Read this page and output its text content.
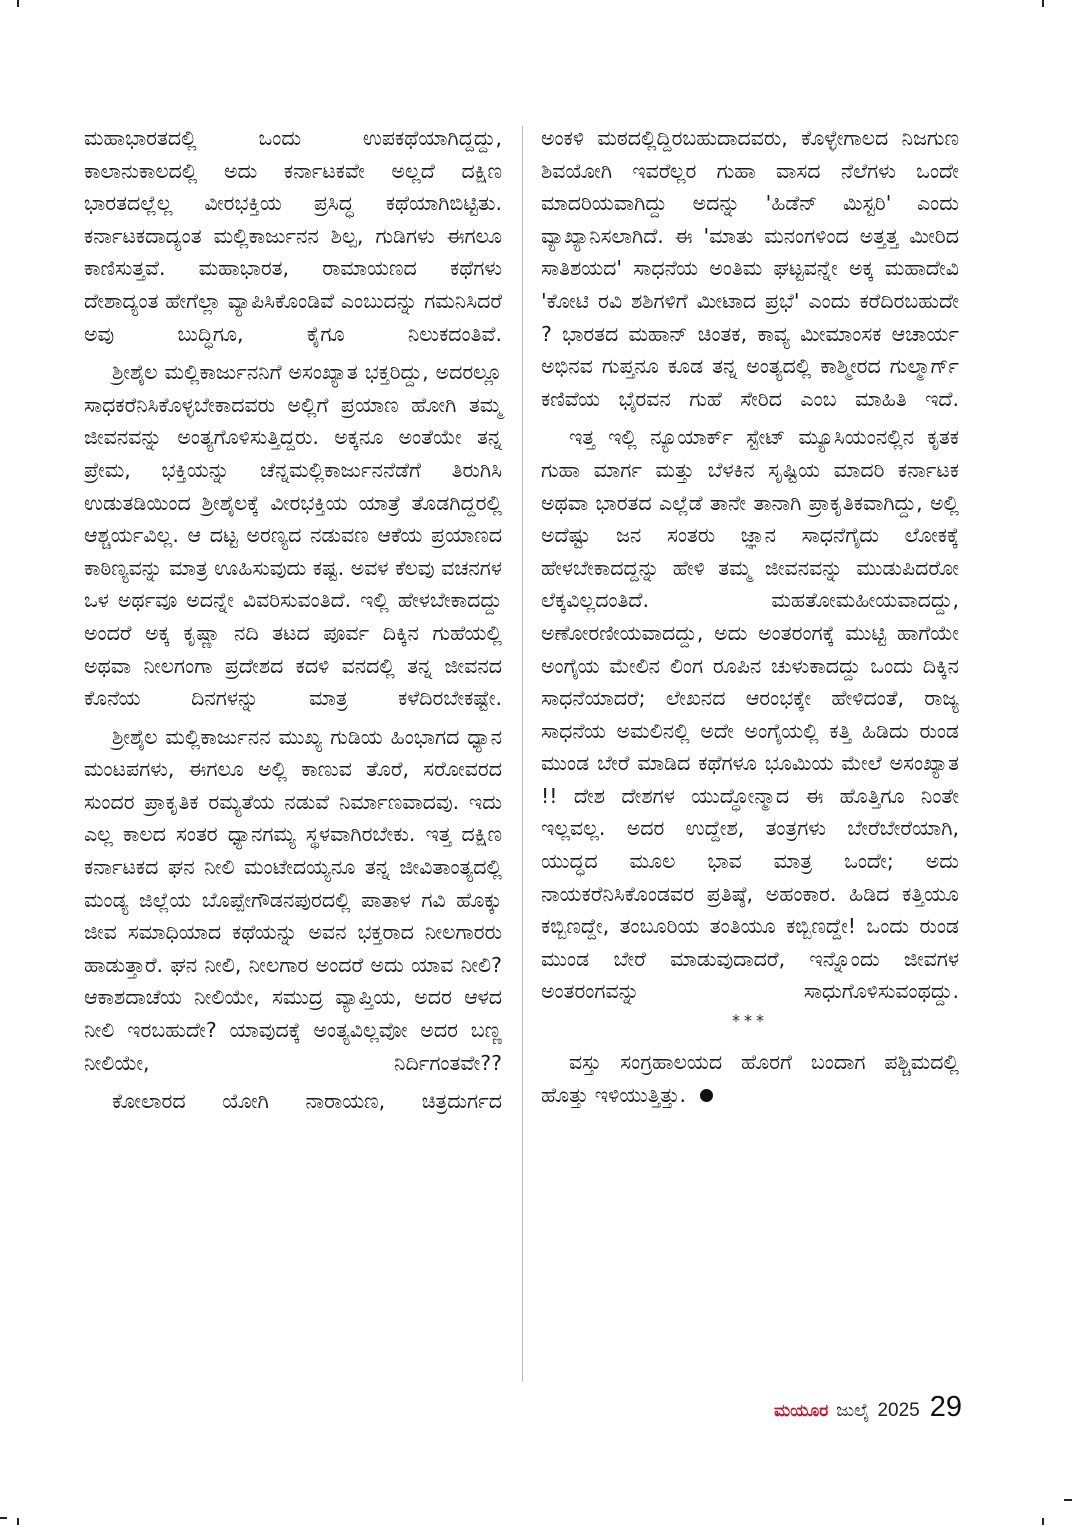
ಮಹಾಭಾರತದಲ್ಲಿ ಒಂದು ಉಪಕಥೆಯಾಗಿದ್ದದ್ದು, ಕಾಲಾನುಕಾಲದಲ್ಲಿ ಅದು ಕರ್ನಾಟಕವೇ ಅಲ್ಲದೆ ದಕ್ಷಿಣ ಭಾರತದಲ್ಲೆಲ್ಲ ವೀರಭಕ್ತಿಯ ಪ್ರಸಿದ್ಧ ಕಥೆಯಾಗಿಬಿಟ್ಟಿತು. ಕರ್ನಾಟಕದಾದ್ಯಂತ ಮಲ್ಲಿಕಾರ್ಜುನನ ಶಿಲ್ಪ, ಗುಡಿಗಳು ಈಗಲೂ ಕಾಣಿಸುತ್ತವೆ. ಮಹಾಭಾರತ, ರಾಮಾಯಣದ ಕಥೆಗಳು ದೇಶಾದ್ಯಂತ ಹೇಗೆಲ್ಲಾ ವ್ಯಾಪಿಸಿಕೊಂಡಿವೆ ಎಂಬುದನ್ನು ಗಮನಿಸಿದರೆ ಅವು ಬುದ್ಧಿಗೂ, ಕೈಗೂ ನಿಲುಕದಂತಿವೆ.

ಶ್ರೀಶೈಲ ಮಲ್ಲಿಕಾರ್ಜುನನಿಗೆ ಅಸಂಖ್ಯಾತ ಭಕ್ತರಿದ್ದು, ಅದರಲ್ಲೂ ಸಾಧಕರೆನಿಸಿಕೊಳ್ಳಬೇಕಾದವರು ಅಲ್ಲಿಗೆ ಪ್ರಯಾಣ ಹೋಗಿ ತಮ್ಮ ಜೀವನವನ್ನು ಅಂತ್ಯಗೊಳಿಸುತ್ತಿದ್ದರು. ಅಕ್ಕನೂ ಅಂತೆಯೇ ತನ್ನ ಪ್ರೇಮ, ಭಕ್ತಿಯನ್ನು ಚೆನ್ನಮಲ್ಲಿಕಾರ್ಜುನನೆಡೆಗೆ ತಿರುಗಿಸಿ ಉಡುತಡಿಯಿಂದ ಶ್ರೀಶೈಲಕ್ಕೆ ವೀರಭಕ್ತಿಯ ಯಾತ್ರೆ ತೊಡಗಿದ್ದರಲ್ಲಿ ಆಶ್ಚರ್ಯವಿಲ್ಲ. ಆ ದಟ್ಟ ಅರಣ್ಯದ ನಡುವಣ ಆಕೆಯ ಪ್ರಯಾಣದ ಕಾಠಿಣ್ಯವನ್ನು ಮಾತ್ರ ಊಹಿಸುವುದು ಕಷ್ಟ. ಅವಳ ಕೆಲವು ವಚನಗಳ ಒಳ ಅರ್ಥವೂ ಅದನ್ನೇ ವಿವರಿಸುವಂತಿದೆ. ಇಲ್ಲಿ ಹೇಳಬೇಕಾದದ್ದು ಅಂದರೆ ಅಕ್ಕ ಕೃಷ್ಣಾ ನದಿ ತಟದ ಪೂರ್ವ ದಿಕ್ಕಿನ ಗುಹೆಯಲ್ಲಿ ಅಥವಾ ನೀಲಗಂಗಾ ಪ್ರದೇಶದ ಕದಳಿ ವನದಲ್ಲಿ ತನ್ನ ಜೀವನದ ಕೊನೆಯ ದಿನಗಳನ್ನು ಮಾತ್ರ ಕಳೆದಿರಬೇಕಷ್ಟೇ.

ಶ್ರೀಶೈಲ ಮಲ್ಲಿಕಾರ್ಜುನನ ಮುಖ್ಯ ಗುಡಿಯ ಹಿಂಭಾಗದ ಧ್ಯಾನ ಮಂಟಪಗಳು, ಈಗಲೂ ಅಲ್ಲಿ ಕಾಣುವ ತೊರೆ, ಸರೋವರದ ಸುಂದರ ಪ್ರಾಕೃತಿಕ ರಮ್ಯತೆಯ ನಡುವೆ ನಿರ್ಮಾಣವಾದವು. ಇದು ಎಲ್ಲ ಕಾಲದ ಸಂತರ ಧ್ಯಾನಗಮ್ಯ ಸ್ಥಳವಾಗಿರಬೇಕು. ಇತ್ತ ದಕ್ಷಿಣ ಕರ್ನಾಟಕದ ಘನ ನೀಲಿ ಮಂಟೇದಯ್ಯನೂ ತನ್ನ ಜೀವಿತಾಂತ್ಯದಲ್ಲಿ ಮಂಡ್ಯ ಜಿಲ್ಲೆಯ ಬೊಪ್ಪೇಗೌಡನಪುರದಲ್ಲಿ ಪಾತಾಳ ಗವಿ ಹೊಕ್ಕು ಜೀವ ಸಮಾಧಿಯಾದ ಕಥೆಯನ್ನು ಅವನ ಭಕ್ತರಾದ ನೀಲಗಾರರು ಹಾಡುತ್ತಾರೆ. ಘನ ನೀಲಿ, ನೀಲಗಾರ ಅಂದರೆ ಅದು ಯಾವ ನೀಲಿ? ಆಕಾಶದಾಚೆಯ ನೀಲಿಯೇ, ಸಮುದ್ರ ವ್ಯಾಪ್ತಿಯ, ಅದರ ಆಳದ ನೀಲಿ ಇರಬಹುದೇ? ಯಾವುದಕ್ಕೆ ಅಂತ್ಯವಿಲ್ಲವೋ ಅದರ ಬಣ್ಣ ನೀಲಿಯೇ, ನಿರ್ದಿಗಂತವೇ??

ಕೋಲಾರದ ಯೋಗಿ ನಾರಾಯಣ, ಚಿತ್ರದುರ್ಗದ

ಅಂಕಳಿ ಮಠದಲ್ಲಿದ್ದಿರಬಹುದಾದವರು, ಕೊಳ್ಳೇಗಾಲದ ನಿಜಗುಣ ಶಿವಯೋಗಿ ಇವರೆಲ್ಲರ ಗುಹಾ ವಾಸದ ನೆಲೆಗಳು ಒಂದೇ ಮಾದರಿಯವಾಗಿದ್ದು ಅದನ್ನು 'ಹಿಡೆನ್ ಮಿಸ್ಟರಿ' ಎಂದು ವ್ಯಾಖ್ಯಾನಿಸಲಾಗಿದೆ. ಈ 'ಮಾತು ಮನಂಗಳಿಂದ ಅತ್ತತ್ತ ಮೀರಿದ ಸಾತಿಶಯದ' ಸಾಧನೆಯ ಅಂತಿಮ ಘಟ್ಟವನ್ನೇ ಅಕ್ಕ ಮಹಾದೇವಿ 'ಕೋಟಿ ರವಿ ಶಶಿಗಳಿಗೆ ಮೀಟಾದ ಪ್ರಭೆ' ಎಂದು ಕರೆದಿರಬಹುದೇ ? ಭಾರತದ ಮಹಾನ್ ಚಿಂತಕ, ಕಾವ್ಯ ಮೀಮಾಂಸಕ ಆಚಾರ್ಯ ಅಭಿನವ ಗುಪ್ತನೂ ಕೂಡ ತನ್ನ ಅಂತ್ಯದಲ್ಲಿ ಕಾಶ್ಮೀರದ ಗುಲ್ಮಾರ್ಗ್ ಕಣಿವೆಯ ಭೈರವನ ಗುಹೆ ಸೇರಿದ ಎಂಬ ಮಾಹಿತಿ ಇದೆ.

ಇತ್ತ ಇಲ್ಲಿ ನ್ಯೂಯಾರ್ಕ್ ಸ್ಟೇಟ್ ಮ್ಯೂಸಿಯಂನಲ್ಲಿನ ಕೃತಕ ಗುಹಾ ಮಾರ್ಗ ಮತ್ತು ಬೆಳಕಿನ ಸೃಷ್ಟಿಯ ಮಾದರಿ ಕರ್ನಾಟಕ ಅಥವಾ ಭಾರತದ ಎಲ್ಲೆಡೆ ತಾನೇ ತಾನಾಗಿ ಪ್ರಾಕೃತಿಕವಾಗಿದ್ದು, ಅಲ್ಲಿ ಅದೆಷ್ಟು ಜನ ಸಂತರು ಜ್ಞಾನ ಸಾಧನೆಗೈದು ಲೋಕಕ್ಕೆ ಹೇಳಬೇಕಾದದ್ದನ್ನು ಹೇಳಿ ತಮ್ಮ ಜೀವನವನ್ನು ಮುಡುಪಿದರೋ ಲೆಕ್ಕವಿಲ್ಲದಂತಿದೆ. ಮಹತೋಮಹೀಯವಾದದ್ದು, ಅಣೋರಣೀಯವಾದದ್ದು, ಅದು ಅಂತರಂಗಕ್ಕೆ ಮುಟ್ಟಿ ಹಾಗೆಯೇ ಅಂಗೈಯ ಮೇಲಿನ ಲಿಂಗ ರೂಪಿನ ಚುಳುಕಾದದ್ದು ಒಂದು ದಿಕ್ಕಿನ ಸಾಧನೆಯಾದರೆ; ಲೇಖನದ ಆರಂಭಕ್ಕೇ ಹೇಳಿದಂತೆ, ರಾಜ್ಯ ಸಾಧನೆಯ ಅಮಲಿನಲ್ಲಿ ಅದೇ ಅಂಗೈಯಲ್ಲಿ ಕತ್ತಿ ಹಿಡಿದು ರುಂಡ ಮುಂಡ ಬೇರೆ ಮಾಡಿದ ಕಥೆಗಳೂ ಭೂಮಿಯ ಮೇಲೆ ಅಸಂಖ್ಯಾತ !! ದೇಶ ದೇಶಗಳ ಯುದ್ಧೋನ್ಮಾದ ಈ ಹೊತ್ತಿಗೂ ನಿಂತೇ ಇಲ್ಲವಲ್ಲ. ಅದರ ಉದ್ದೇಶ, ತಂತ್ರಗಳು ಬೇರೆಬೇರೆಯಾಗಿ, ಯುದ್ಧದ ಮೂಲ ಭಾವ ಮಾತ್ರ ಒಂದೇ; ಅದು ನಾಯಕರೆನಿಸಿಕೊಂಡವರ ಪ್ರತಿಷ್ಠೆ, ಅಹಂಕಾರ. ಹಿಡಿದ ಕತ್ತಿಯೂ ಕಬ್ಬಿಣದ್ದೇ, ತಂಬೂರಿಯ ತಂತಿಯೂ ಕಬ್ಬಿಣದ್ದೇ! ಒಂದು ರುಂಡ ಮುಂಡ ಬೇರೆ ಮಾಡುವುದಾದರೆ, ಇನ್ನೊಂದು ಜೀವಗಳ ಅಂತರಂಗವನ್ನು ಸಾಧುಗೊಳಿಸುವಂಥದ್ದು.

***

ವಸ್ತು ಸಂಗ್ರಹಾಲಯದ ಹೊರಗೆ ಬಂದಾಗ ಪಶ್ಚಿಮದಲ್ಲಿ ಹೊತ್ತು ಇಳಿಯುತ್ತಿತ್ತು.

ಮಯೂರ ಜುಲೈ 2025 29
